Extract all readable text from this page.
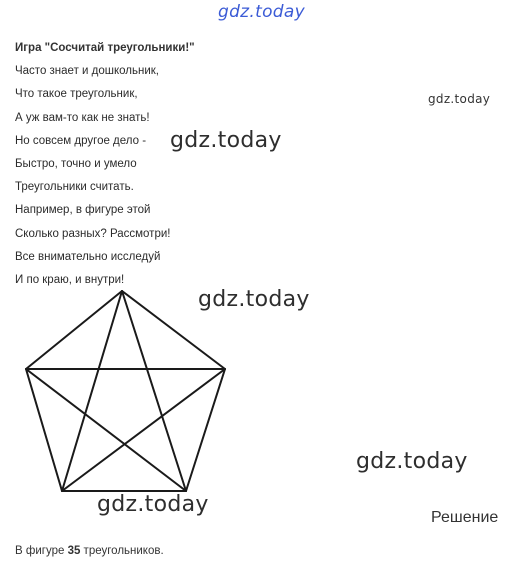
gdz.today
gdz.today
gdz.today
gdz.today
gdz.today
gdz.today
Игра "Сосчитай треугольники!"
Часто знает и дошкольник,
Что такое треугольник,
А уж вам-то как не знать!
Но совсем другое дело -
Быстро, точно и умело
Треугольники считать.
Например, в фигуре этой
Сколько разных? Рассмотри!
Все внимательно исследуй
И по краю, и внутри!
Решение
В фигуре 35 треугольников.
